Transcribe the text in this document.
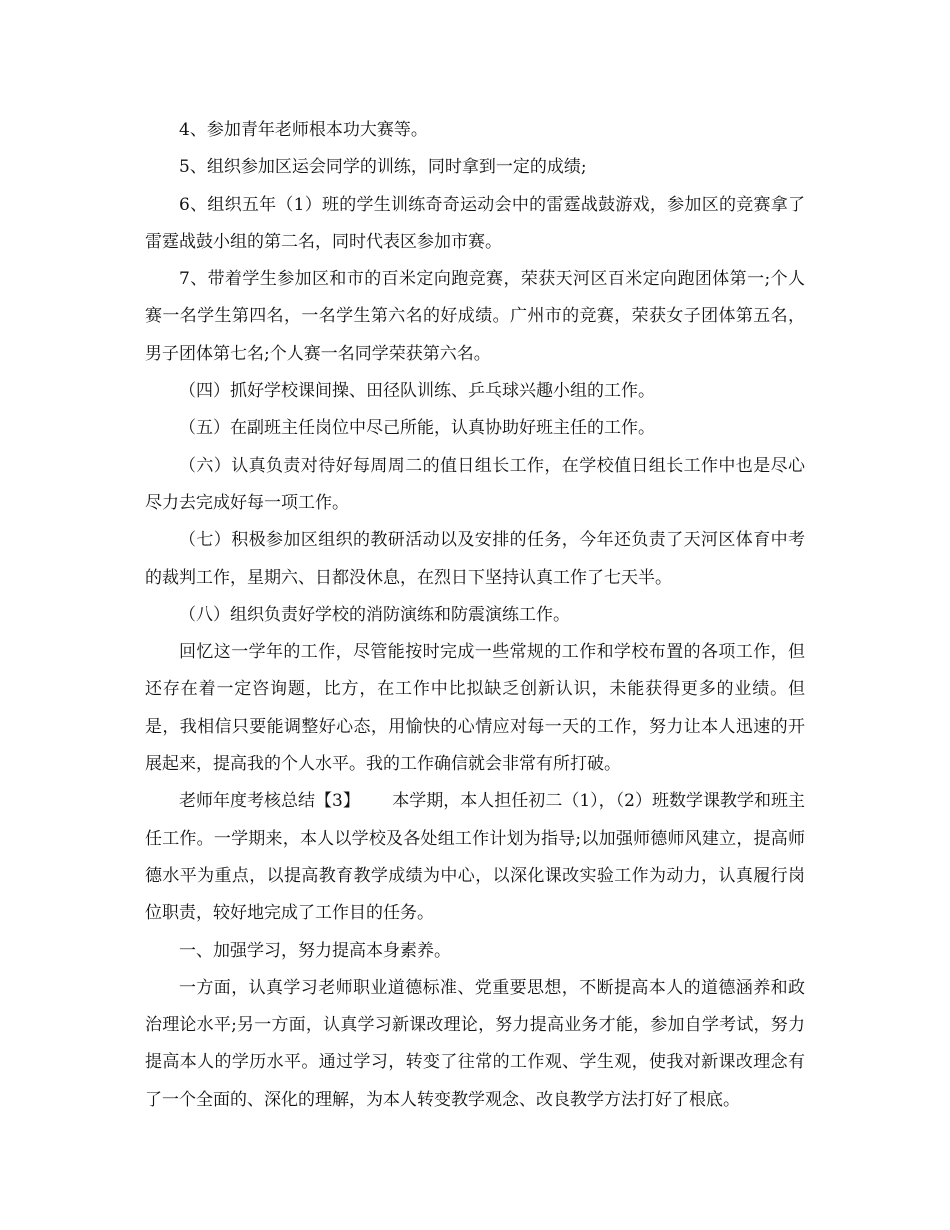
4、参加青年老师根本功大赛等。

5、组织参加区运会同学的训练，同时拿到一定的成绩;

6、组织五年（1）班的学生训练奇奇运动会中的雷霆战鼓游戏，参加区的竞赛拿了雷霆战鼓小组的第二名，同时代表区参加市赛。

7、带着学生参加区和市的百米定向跑竞赛，荣获天河区百米定向跑团体第一;个人赛一名学生第四名，一名学生第六名的好成绩。广州市的竞赛，荣获女子团体第五名，男子团体第七名;个人赛一名同学荣获第六名。

（四）抓好学校课间操、田径队训练、乒乓球兴趣小组的工作。

（五）在副班主任岗位中尽己所能，认真协助好班主任的工作。

（六）认真负责对待好每周周二的值日组长工作，在学校值日组长工作中也是尽心尽力去完成好每一项工作。

（七）积极参加区组织的教研活动以及安排的任务，今年还负责了天河区体育中考的裁判工作，星期六、日都没休息，在烈日下坚持认真工作了七天半。

（八）组织负责好学校的消防演练和防震演练工作。

回忆这一学年的工作，尽管能按时完成一些常规的工作和学校布置的各项工作，但还存在着一定咨询题，比方，在工作中比拟缺乏创新认识，未能获得更多的业绩。但是，我相信只要能调整好心态，用愉快的心情应对每一天的工作，努力让本人迅速的开展起来，提高我的个人水平。我的工作确信就会非常有所打破。

老师年度考核总结【3】      本学期，本人担任初二（1），（2）班数学课教学和班主任工作。一学期来，本人以学校及各处组工作计划为指导;以加强师德师风建立，提高师德水平为重点，以提高教育教学成绩为中心，以深化课改实验工作为动力，认真履行岗位职责，较好地完成了工作目的任务。

一、加强学习，努力提高本身素养。

一方面，认真学习老师职业道德标准、党重要思想，不断提高本人的道德涵养和政治理论水平;另一方面，认真学习新课改理论，努力提高业务才能，参加自学考试，努力提高本人的学历水平。通过学习，转变了往常的工作观、学生观，使我对新课改理念有了一个全面的、深化的理解，为本人转变教学观念、改良教学方法打好了根底。
